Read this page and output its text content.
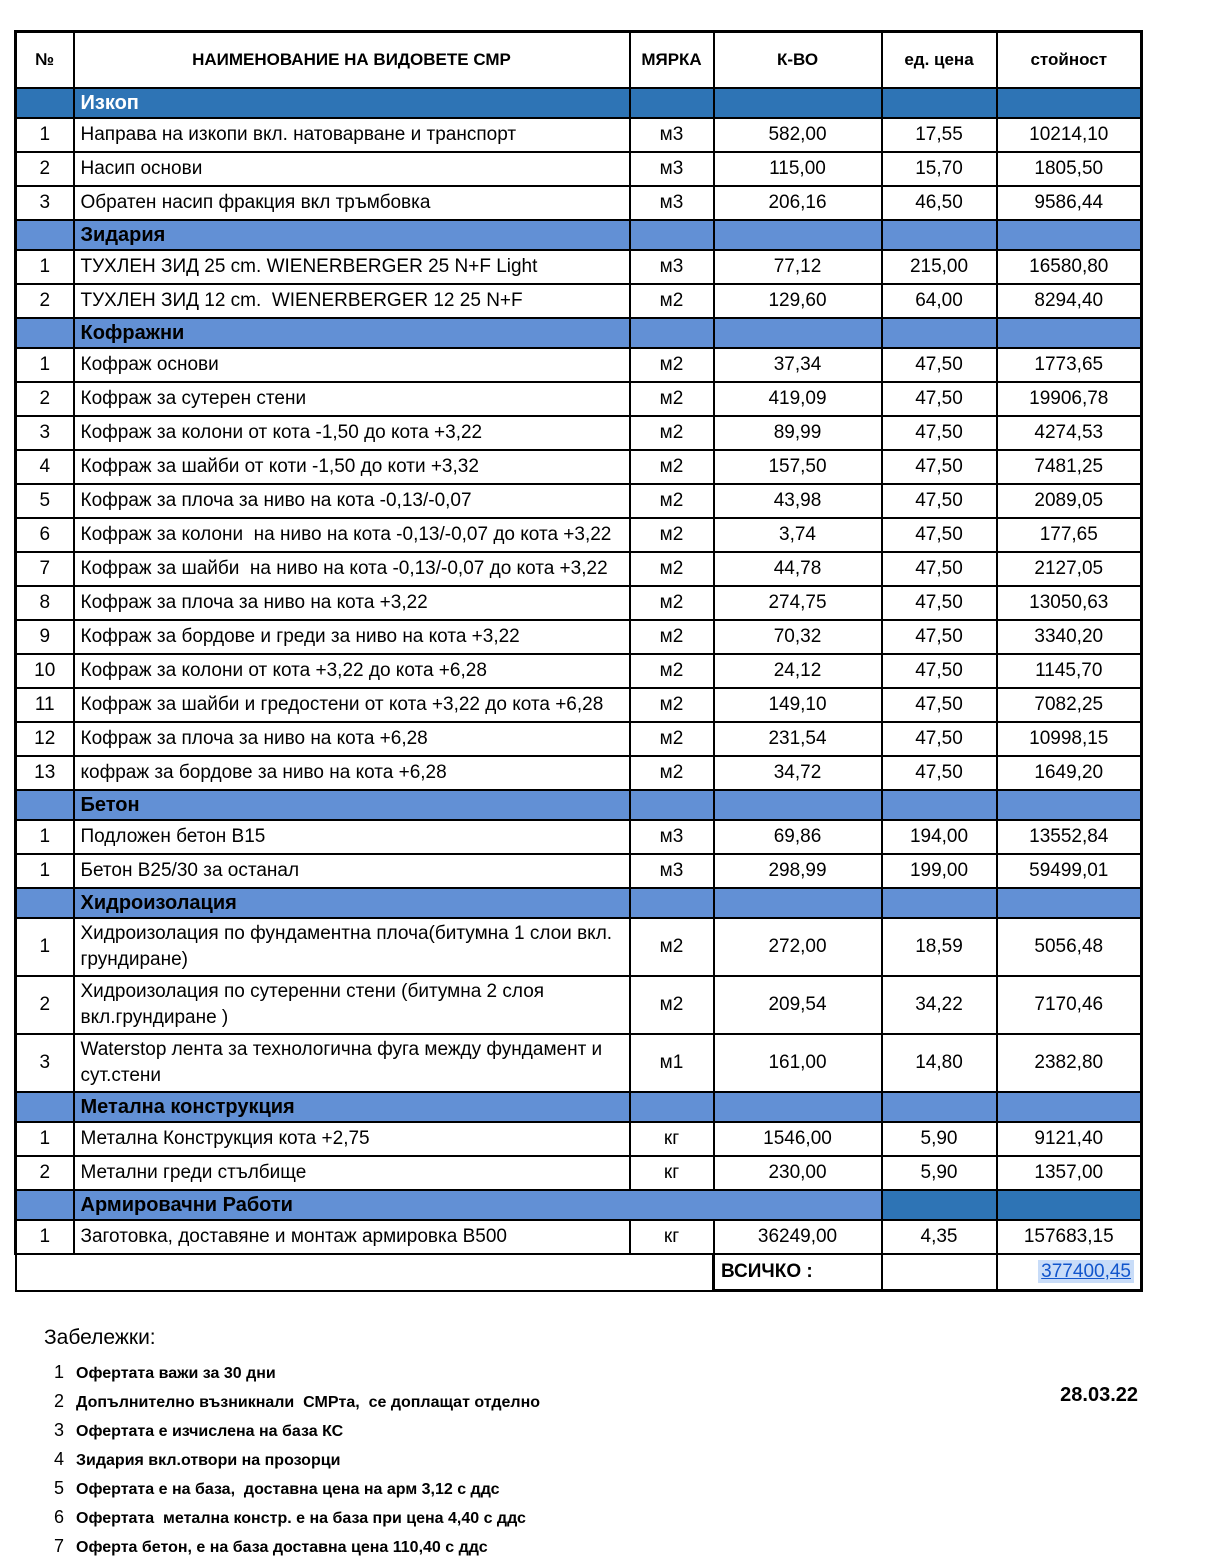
№	НАИМЕНОВАНИЕ НА ВИДОВЕТЕ СМР	МЯРКА	К-ВО	ед. цена	стойност
	Изкоп				
1	Направа на изкопи вкл. натоварване и транспорт	м3	582,00	17,55	10214,10
2	Насип основи	м3	115,00	15,70	1805,50
3	Обратен насип фракция вкл тръмбовка	м3	206,16	46,50	9586,44
	Зидария				
1	ТУХЛЕН ЗИД 25 cm. WIENERBERGER 25 N+F Light	м3	77,12	215,00	16580,80
2	ТУХЛЕН ЗИД 12 cm.  WIENERBERGER 12 25 N+F	м2	129,60	64,00	8294,40
	Кофражни				
1	Кофраж основи	м2	37,34	47,50	1773,65
2	Кофраж за сутерен стени	м2	419,09	47,50	19906,78
3	Кофраж за колони от кота -1,50 до кота +3,22	м2	89,99	47,50	4274,53
4	Кофраж за шайби от коти -1,50 до коти +3,32	м2	157,50	47,50	7481,25
5	Кофраж за плоча за ниво на кота -0,13/-0,07	м2	43,98	47,50	2089,05
6	Кофраж за колони  на ниво на кота -0,13/-0,07 до кота +3,22	м2	3,74	47,50	177,65
7	Кофраж за шайби  на ниво на кота -0,13/-0,07 до кота +3,22	м2	44,78	47,50	2127,05
8	Кофраж за плоча за ниво на кота +3,22	м2	274,75	47,50	13050,63
9	Кофраж за бордове и греди за ниво на кота +3,22	м2	70,32	47,50	3340,20
10	Кофраж за колони от кота +3,22 до кота +6,28	м2	24,12	47,50	1145,70
11	Кофраж за шайби и гредостени от кота +3,22 до кота +6,28	м2	149,10	47,50	7082,25
12	Кофраж за плоча за ниво на кота +6,28	м2	231,54	47,50	10998,15
13	кофраж за бордове за ниво на кота +6,28	м2	34,72	47,50	1649,20
	Бетон				
1	Подложен бетон В15	м3	69,86	194,00	13552,84
1	Бетон В25/30 за останал	м3	298,99	199,00	59499,01
	Хидроизолация				
1	Хидроизолация по фундаментна плоча(битумна 1 слои вкл. грундиране)	м2	272,00	18,59	5056,48
2	Хидроизолация по сутеренни стени (битумна 2 слоя вкл.грундиране )	м2	209,54	34,22	7170,46
3	Waterstop лента за технологична фуга между фундамент и сут.стени	м1	161,00	14,80	2382,80
	Метална конструкция				
1	Метална Конструкция кота +2,75	кг	1546,00	5,90	9121,40
2	Метални греди стълбище	кг	230,00	5,90	1357,00
	Армировачни Работи				
1	Заготовка, доставяне и монтаж армировка В500	кг	36249,00	4,35	157683,15
			ВСИЧКО :		377400,45
Забележки:
1 Офертата важи за 30 дни
2 Допълнително възникнали  СМРта,  се доплащат отделно
3 Офертата е изчислена на база КС
4 Зидария вкл.отвори на прозорци
5 Офертата е на база,  доставна цена на арм 3,12 с ддс
6 Офертата  метална констр. е на база при цена 4,40 с ддс
7 Оферта бетон, е на база доставна цена 110,40 с ддс
28.03.22
